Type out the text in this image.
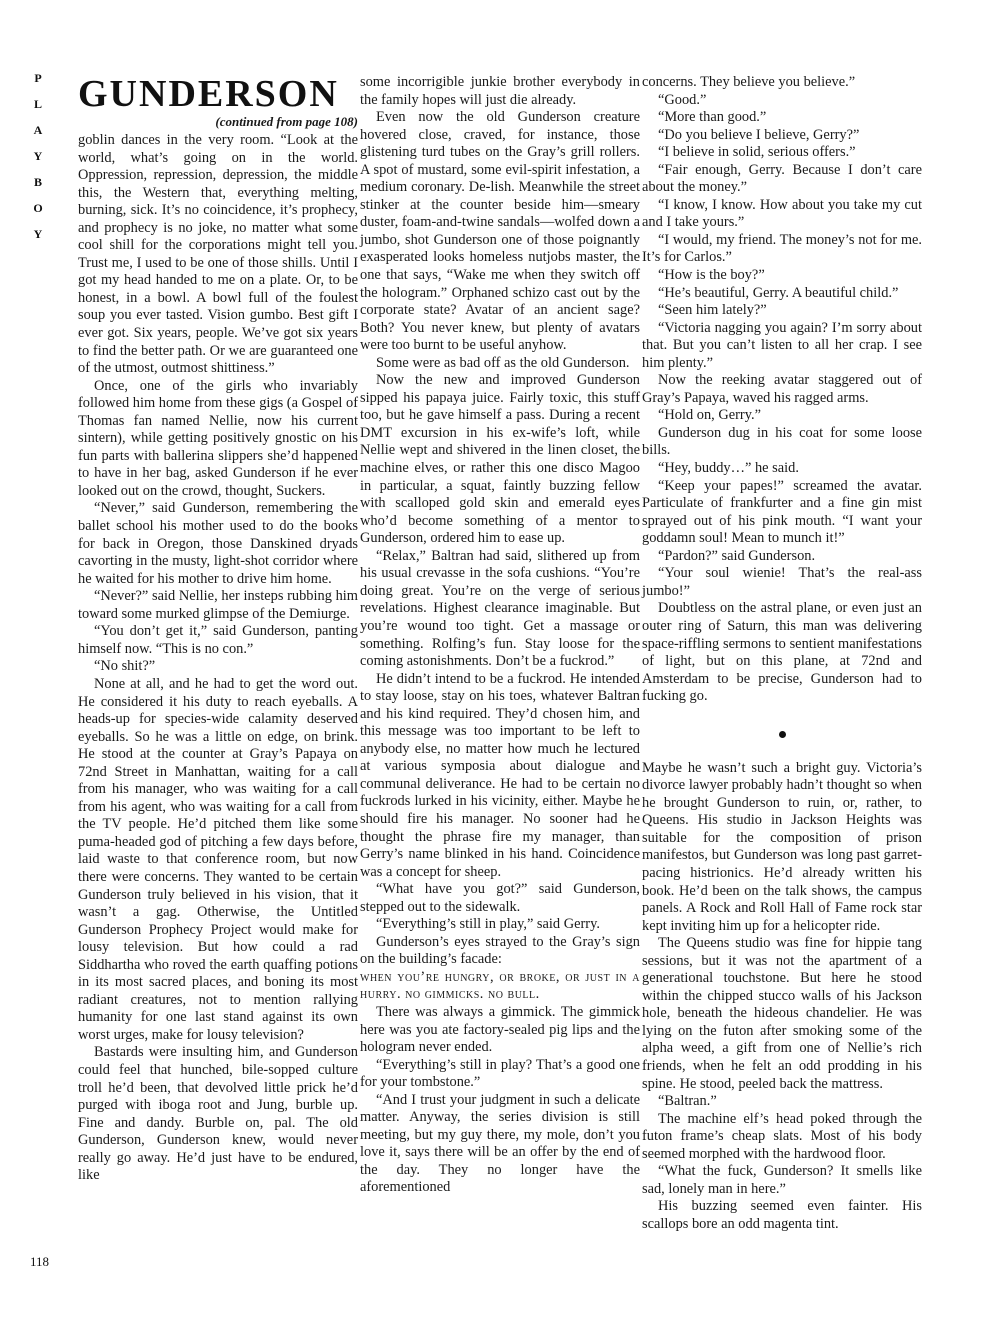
P
L
A
Y
B
O
Y
GUNDERSON
(continued from page 108)

goblin dances in the very room. “Look at the world, what’s going on in the world. Oppression, repression, depression, the middle this, the Western that, everything melting, burning, sick. It’s no coincidence, it’s prophecy, and prophecy is no joke, no matter what some cool shill for the corporations might tell you. Trust me, I used to be one of those shills. Until I got my head handed to me on a plate. Or, to be honest, in a bowl. A bowl full of the foulest soup you ever tasted. Vision gumbo. Best gift I ever got. Six years, people. We’ve got six years to find the better path. Or we are guaranteed one of the utmost, outmost shittiness.”

Once, one of the girls who invariably followed him home from these gigs (a Gospel of Thomas fan named Nellie, now his current sintern), while getting positively gnostic on his fun parts with ballerina slippers she’d happened to have in her bag, asked Gunderson if he ever looked out on the crowd, thought, Suckers.

“Never,” said Gunderson, remembering the ballet school his mother used to do the books for back in Oregon, those Danskined dryads cavorting in the musty, light-shot corridor where he waited for his mother to drive him home.

“Never?” said Nellie, her insteps rubbing him toward some murked glimpse of the Demiurge.

“You don’t get it,” said Gunderson, panting himself now. “This is no con.”

“No shit?”

None at all, and he had to get the word out. He considered it his duty to reach eyeballs. A heads-up for species-wide calamity deserved eyeballs. So he was a little on edge, on brink. He stood at the counter at Gray’s Papaya on 72nd Street in Manhattan, waiting for a call from his manager, who was waiting for a call from his agent, who was waiting for a call from the TV people. He’d pitched them like some puma-headed god of pitching a few days before, laid waste to that conference room, but now there were concerns. They wanted to be certain Gunderson truly believed in his vision, that it wasn’t a gag. Otherwise, the Untitled Gunderson Prophecy Project would make for lousy television. But how could a rad Siddhartha who roved the earth quaffing potions in its most sacred places, and boning its most radiant creatures, not to mention rallying humanity for one last stand against its own worst urges, make for lousy television?

Bastards were insulting him, and Gunderson could feel that hunched, bile-sopped culture troll he’d been, that devolved little prick he’d purged with iboga root and Jung, burble up. Fine and dandy. Burble on, pal. The old Gunderson, Gunderson knew, would never really go away. He’d just have to be endured, like

some incorrigible junkie brother everybody in the family hopes will just die already.

Even now the old Gunderson creature hovered close, craved, for instance, those glistening turd tubes on the Gray’s grill rollers. A spot of mustard, some evil-spirit infestation, a medium coronary. De-lish. Meanwhile the street stinker at the counter beside him—smeary duster, foam-and-twine sandals—wolfed down a jumbo, shot Gunderson one of those poignantly exasperated looks homeless nutjobs master, the one that says, “Wake me when they switch off the hologram.” Orphaned schizo cast out by the corporate state? Avatar of an ancient sage? Both? You never knew, but plenty of avatars were too burnt to be useful anyhow.

Some were as bad off as the old Gunderson.

Now the new and improved Gunderson sipped his papaya juice. Fairly toxic, this stuff too, but he gave himself a pass. During a recent DMT excursion in his ex-wife’s loft, while Nellie wept and shivered in the linen closet, the machine elves, or rather this one disco Magoo in particular, a squat, faintly buzzing fellow with scalloped gold skin and emerald eyes who’d become something of a mentor to Gunderson, ordered him to ease up.

“Relax,” Baltran had said, slithered up from his usual crevasse in the sofa cushions. “You’re doing great. You’re on the verge of serious revelations. Highest clearance imaginable. But you’re wound too tight. Get a massage or something. Rolfing’s fun. Stay loose for the coming astonishments. Don’t be a fuckrod.”

He didn’t intend to be a fuckrod. He intended to stay loose, stay on his toes, whatever Baltran and his kind required. They’d chosen him, and this message was too important to be left to anybody else, no matter how much he lectured at various symposia about dialogue and communal deliverance. He had to be certain no fuckrods lurked in his vicinity, either. Maybe he should fire his manager. No sooner had he thought the phrase fire my manager, than Gerry’s name blinked in his hand. Coincidence was a concept for sheep.

“What have you got?” said Gunderson, stepped out to the sidewalk.

“Everything’s still in play,” said Gerry.

Gunderson’s eyes strayed to the Gray’s sign on the building’s facade:

when you’re hungry, or broke, or just in a hurry. no gimmicks. no bull.

There was always a gimmick. The gimmick here was you ate factory-sealed pig lips and the hologram never ended.

“Everything’s still in play? That’s a good one for your tombstone.”

“And I trust your judgment in such a delicate matter. Anyway, the series division is still meeting, but my guy there, my mole, don’t you love it, says there will be an offer by the end of the day. They no longer have the aforementioned

concerns. They believe you believe.”

“Good.”

“More than good.”

“Do you believe I believe, Gerry?”

“I believe in solid, serious offers.”

“Fair enough, Gerry. Because I don’t care about the money.”

“I know, I know. How about you take my cut and I take yours.”

“I would, my friend. The money’s not for me. It’s for Carlos.”

“How is the boy?”

“He’s beautiful, Gerry. A beautiful child.”

“Seen him lately?”

“Victoria nagging you again? I’m sorry about that. But you can’t listen to all her crap. I see him plenty.”

Now the reeking avatar staggered out of Gray’s Papaya, waved his ragged arms.

“Hold on, Gerry.”

Gunderson dug in his coat for some loose bills.

“Hey, buddy…” he said.

“Keep your papes!” screamed the avatar. Particulate of frankfurter and a fine gin mist sprayed out of his pink mouth. “I want your goddamn soul! Mean to munch it!”

“Pardon?” said Gunderson.

“Your soul wienie! That’s the real-ass jumbo!”

Doubtless on the astral plane, or even just an outer ring of Saturn, this man was delivering space-riffling sermons to sentient manifestations of light, but on this plane, at 72nd and Amsterdam to be precise, Gunderson had to fucking go.

Maybe he wasn’t such a bright guy. Victoria’s divorce lawyer probably hadn’t thought so when he brought Gunderson to ruin, or, rather, to Queens. His studio in Jackson Heights was suitable for the composition of prison manifestos, but Gunderson was long past garret-pacing histrionics. He’d already written his book. He’d been on the talk shows, the campus panels. A Rock and Roll Hall of Fame rock star kept inviting him up for a helicopter ride.

The Queens studio was fine for hippie tang sessions, but it was not the apartment of a generational touchstone. But here he stood within the chipped stucco walls of his Jackson hole, beneath the hideous chandelier. He was lying on the futon after smoking some of the alpha weed, a gift from one of Nellie’s rich friends, when he felt an odd prodding in his spine. He stood, peeled back the mattress.

“Baltran.”

The machine elf’s head poked through the futon frame’s cheap slats. Most of his body seemed morphed with the hardwood floor.

“What the fuck, Gunderson? It smells like sad, lonely man in here.”

His buzzing seemed even fainter. His scallops bore an odd magenta tint.

118
